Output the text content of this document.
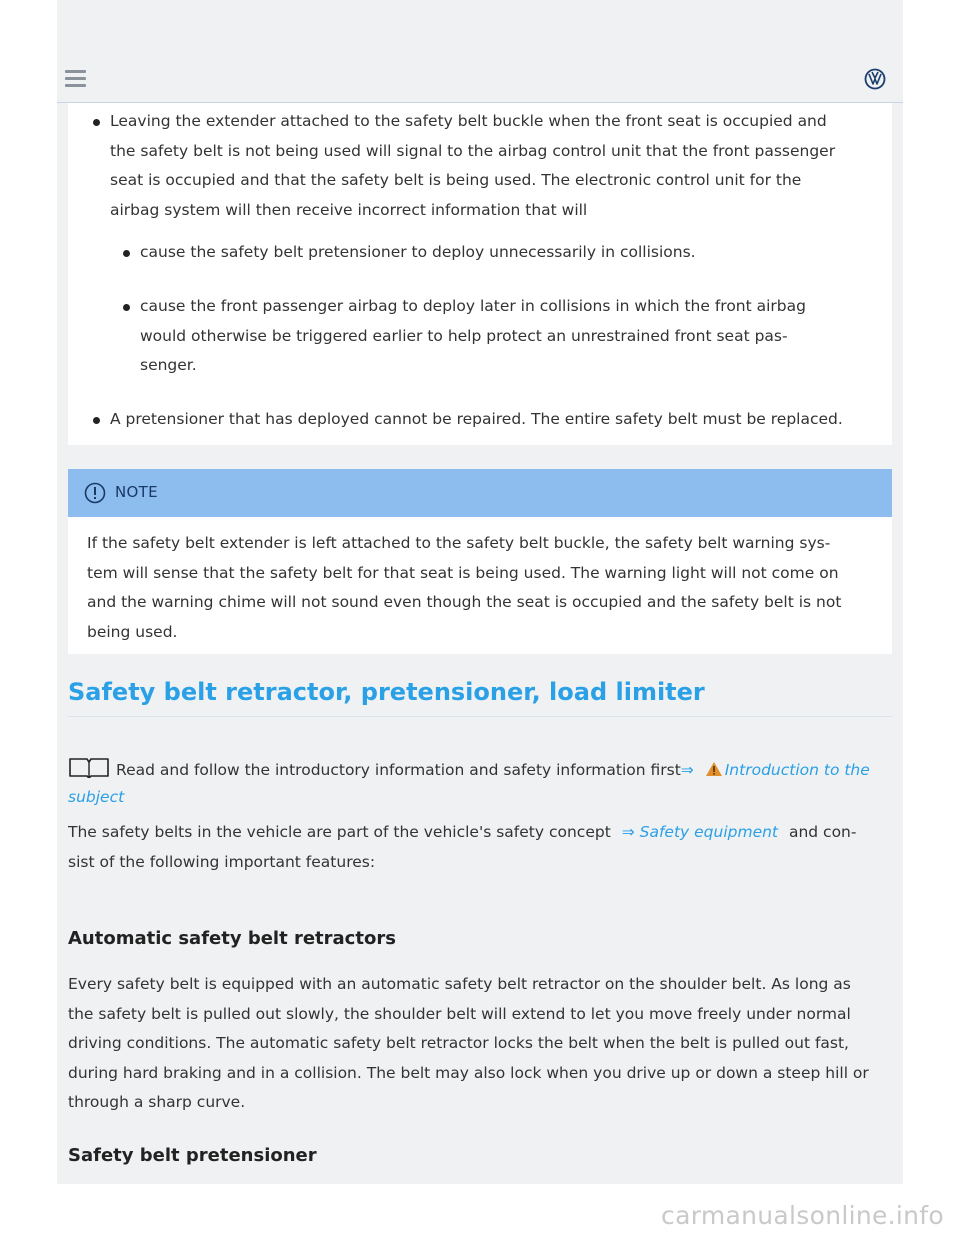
Leaving the extender attached to the safety belt buckle when the front seat is occupied and
the safety belt is not being used will signal to the airbag control unit that the front passenger
seat is occupied and that the safety belt is being used. The electronic control unit for the
airbag system will then receive incorrect information that will
cause the safety belt pretensioner to deploy unnecessarily in collisions.
cause the front passenger airbag to deploy later in collisions in which the front airbag
would otherwise be triggered earlier to help protect an unrestrained front seat pas-
senger.
A pretensioner that has deployed cannot be repaired. The entire safety belt must be replaced.
NOTE

If the safety belt extender is left attached to the safety belt buckle, the safety belt warning sys-
tem will sense that the safety belt for that seat is being used. The warning light will not come on
and the warning chime will not sound even though the seat is occupied and the safety belt is not
being used.

Safety belt retractor, pretensioner, load limiter
Read and follow the introductory information and safety information first⇒ Introduction to the subject

The safety belts in the vehicle are part of the vehicle's safety concept ⇒ Safety equipment and con-
sist of the following important features:

Automatic safety belt retractors

Every safety belt is equipped with an automatic safety belt retractor on the shoulder belt. As long as
the safety belt is pulled out slowly, the shoulder belt will extend to let you move freely under normal
driving conditions. The automatic safety belt retractor locks the belt when the belt is pulled out fast,
during hard braking and in a collision. The belt may also lock when you drive up or down a steep hill or
through a sharp curve.

Safety belt pretensioner
carmanualsonline.info
